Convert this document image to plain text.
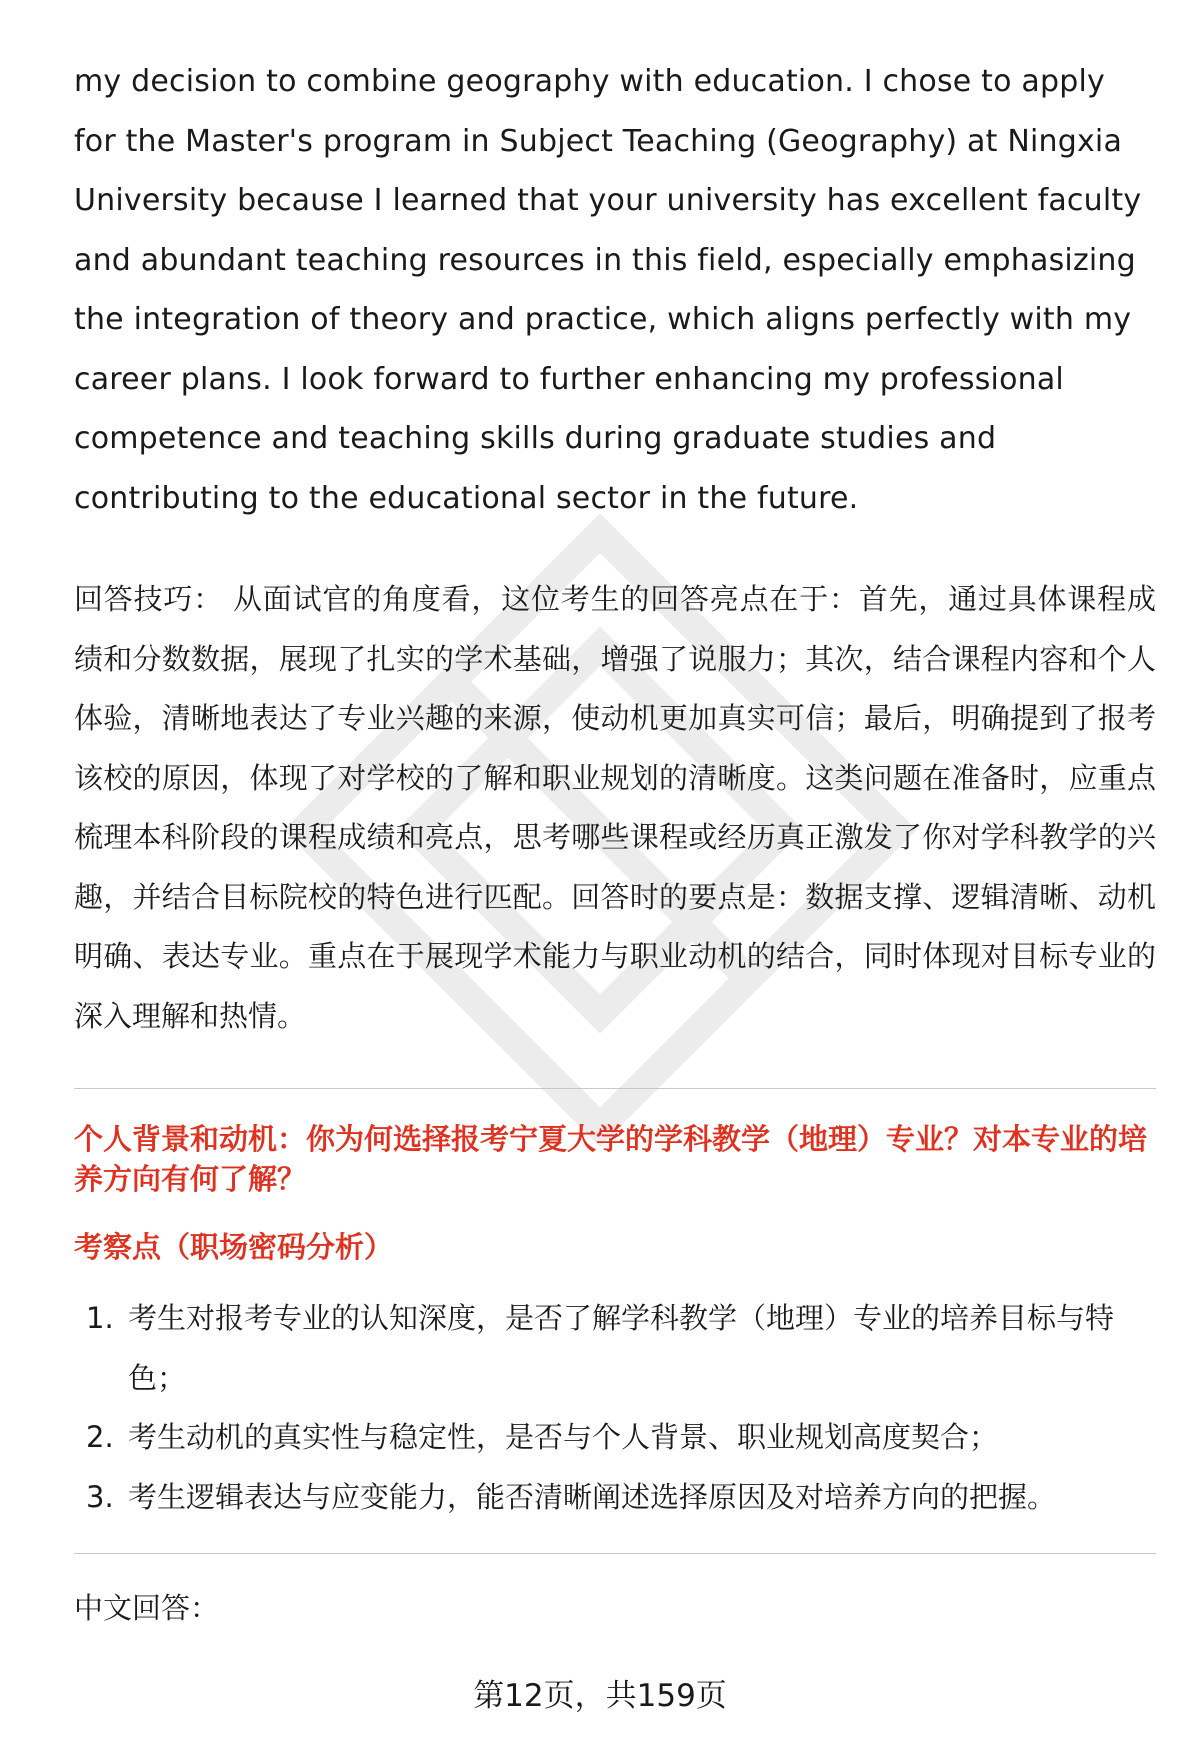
my decision to combine geography with education. I chose to apply for the Master's program in Subject Teaching (Geography) at Ningxia University because I learned that your university has excellent faculty and abundant teaching resources in this field, especially emphasizing the integration of theory and practice, which aligns perfectly with my career plans. I look forward to further enhancing my professional competence and teaching skills during graduate studies and contributing to the educational sector in the future.

回答技巧： 从面试官的角度看，这位考生的回答亮点在于：首先，通过具体课程成绩和分数数据，展现了扎实的学术基础，增强了说服力；其次，结合课程内容和个人体验，清晰地表达了专业兴趣的来源，使动机更加真实可信；最后，明确提到了报考该校的原因，体现了对学校的了解和职业规划的清晰度。这类问题在准备时，应重点梳理本科阶段的课程成绩和亮点，思考哪些课程或经历真正激发了你对学科教学的兴趣，并结合目标院校的特色进行匹配。回答时的要点是：数据支撑、逻辑清晰、动机明确、表达专业。重点在于展现学术能力与职业动机的结合，同时体现对目标专业的深入理解和热情。

个人背景和动机：你为何选择报考宁夏大学的学科教学（地理）专业？对本专业的培养方向有何了解？

考察点（职场密码分析）

1. 考生对报考专业的认知深度，是否了解学科教学（地理）专业的培养目标与特色；
2. 考生动机的真实性与稳定性，是否与个人背景、职业规划高度契合；
3. 考生逻辑表达与应变能力，能否清晰阐述选择原因及对培养方向的把握。

中文回答：

第12页，共159页
